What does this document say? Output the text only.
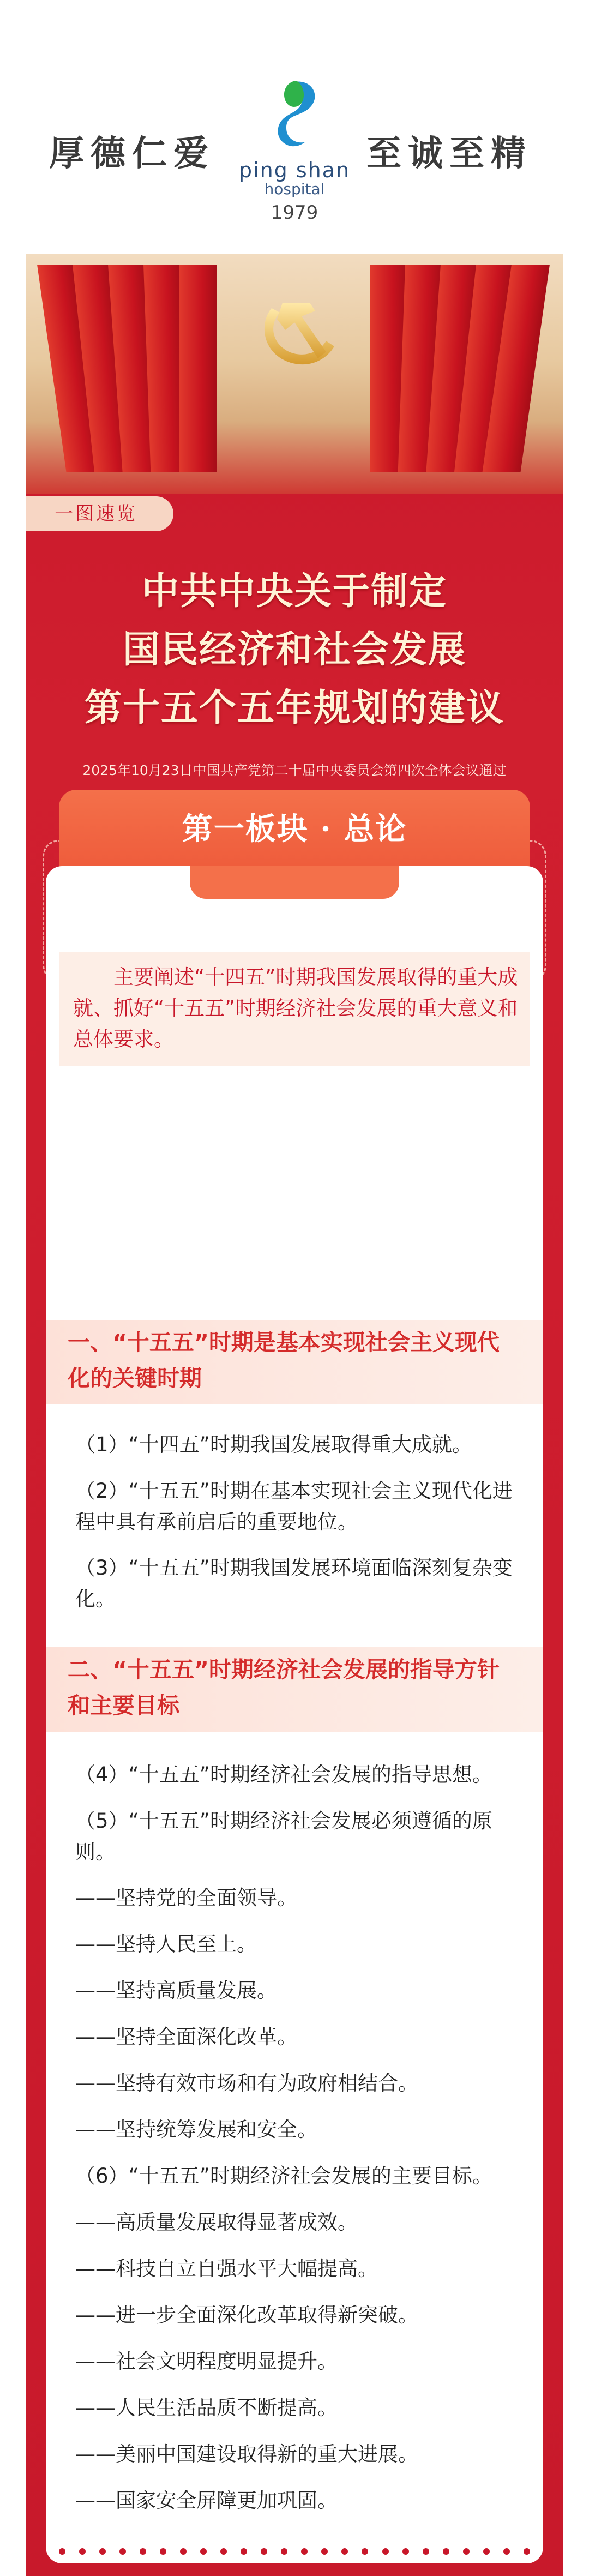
厚德仁爱	ping shan
hospital
1979
至诚至精
一图速览
中共中央关于制定
国民经济和社会发展
第十五个五年规划的建议
2025年10月23日中国共产党第二十届中央委员会第四次全体会议通过

第一板块 · 总论

主要阐述“十四五”时期我国发展取得的重大成就、抓好“十五五”时期经济社会发展的重大意义和总体要求。

一、“十五五”时期是基本实现社会主义现代化的关键时期
（1）“十四五”时期我国发展取得重大成就。
（2）“十五五”时期在基本实现社会主义现代化进程中具有承前启后的重要地位。
（3）“十五五”时期我国发展环境面临深刻复杂变化。
二、“十五五”时期经济社会发展的指导方针和主要目标
（4）“十五五”时期经济社会发展的指导思想。
（5）“十五五”时期经济社会发展必须遵循的原则。
——坚持党的全面领导。
——坚持人民至上。
——坚持高质量发展。
——坚持全面深化改革。
——坚持有效市场和有为政府相结合。
——坚持统筹发展和安全。
（6）“十五五”时期经济社会发展的主要目标。
——高质量发展取得显著成效。
——科技自立自强水平大幅提高。
——进一步全面深化改革取得新突破。
——社会文明程度明显提升。
——人民生活品质不断提高。
——美丽中国建设取得新的重大进展。
——国家安全屏障更加巩固。
